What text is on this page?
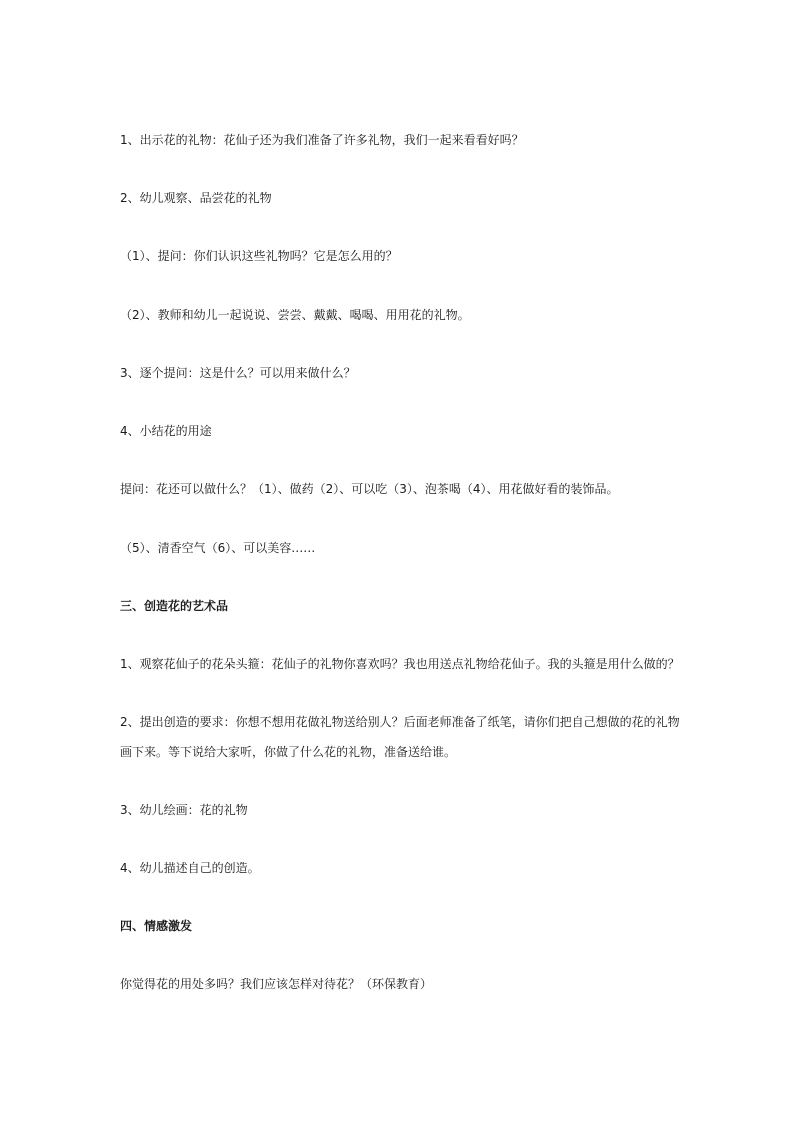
1、出示花的礼物：花仙子还为我们准备了许多礼物，我们一起来看看好吗？
2、幼儿观察、品尝花的礼物
（1）、提问：你们认识这些礼物吗？它是怎么用的？
（2）、教师和幼儿一起说说、尝尝、戴戴、喝喝、用用花的礼物。
3、逐个提问：这是什么？可以用来做什么？
4、小结花的用途
提问：花还可以做什么？（1）、做药（2）、可以吃（3）、泡茶喝（4）、用花做好看的装饰品。
（5）、清香空气（6）、可以美容……
三、创造花的艺术品
1、观察花仙子的花朵头箍：花仙子的礼物你喜欢吗？我也用送点礼物给花仙子。我的头箍是用什么做的？
2、提出创造的要求：你想不想用花做礼物送给别人？后面老师准备了纸笔，请你们把自己想做的花的礼物
画下来。等下说给大家听，你做了什么花的礼物，准备送给谁。
3、幼儿绘画：花的礼物
4、幼儿描述自己的创造。
四、情感激发
你觉得花的用处多吗？我们应该怎样对待花？（环保教育）
